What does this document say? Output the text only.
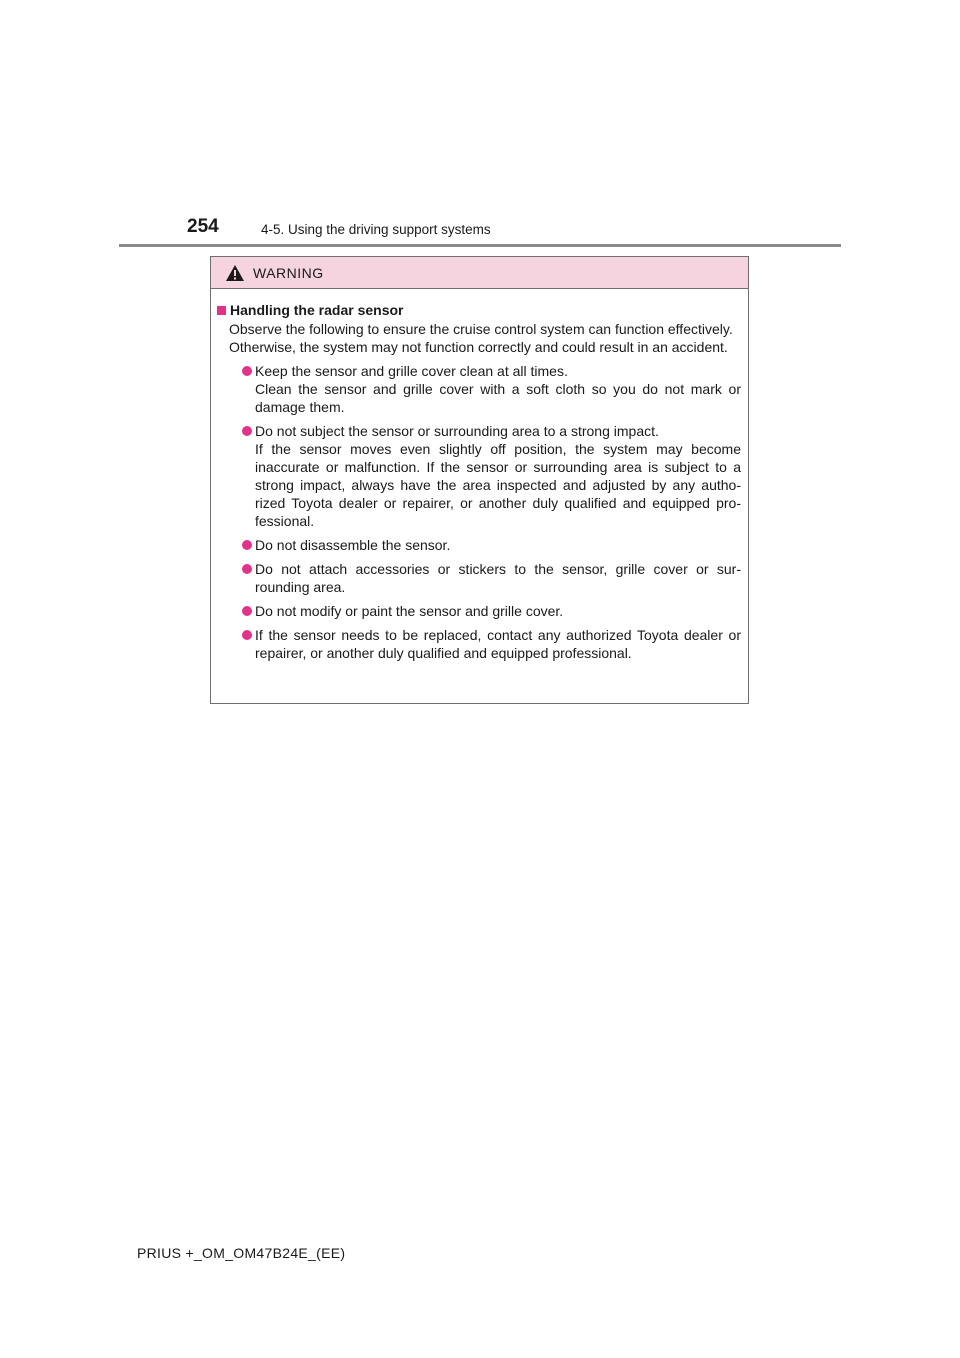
254	4-5. Using the driving support systems
WARNING
Handling the radar sensor

Observe the following to ensure the cruise control system can function effectively.

Otherwise, the system may not function correctly and could result in an accident.

Keep the sensor and grille cover clean at all times.

Clean the sensor and grille cover with a soft cloth so you do not mark or damage them.

Do not subject the sensor or surrounding area to a strong impact.

If the sensor moves even slightly off position, the system may become inaccurate or malfunction. If the sensor or surrounding area is subject to a strong impact, always have the area inspected and adjusted by any autho-rized Toyota dealer or repairer, or another duly qualified and equipped pro-fessional.

Do not disassemble the sensor.

Do not attach accessories or stickers to the sensor, grille cover or sur-rounding area.

Do not modify or paint the sensor and grille cover.

If the sensor needs to be replaced, contact any authorized Toyota dealer or repairer, or another duly qualified and equipped professional.

PRIUS +_OM_OM47B24E_(EE)
